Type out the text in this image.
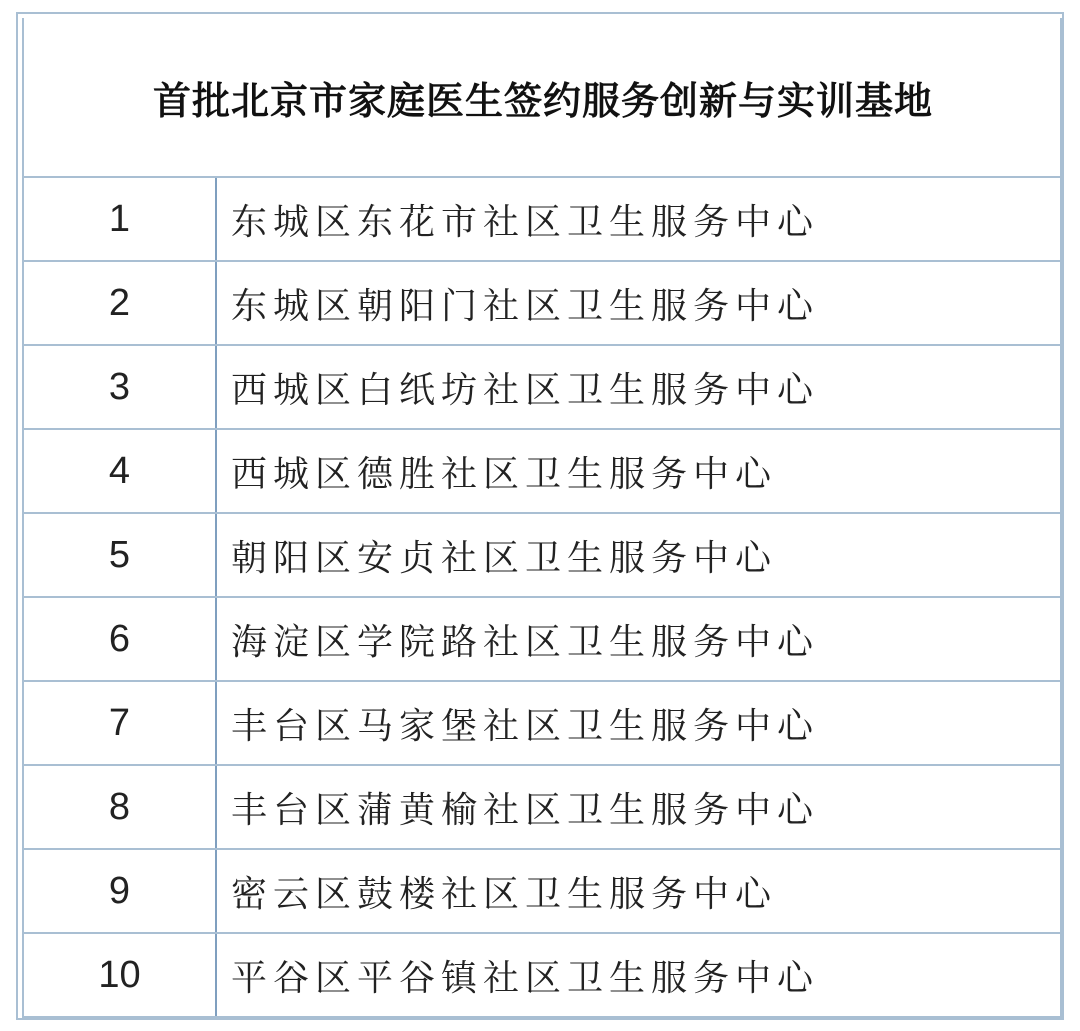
首批北京市家庭医生签约服务创新与实训基地
1	东城区东花市社区卫生服务中心
2	东城区朝阳门社区卫生服务中心
3	西城区白纸坊社区卫生服务中心
4	西城区德胜社区卫生服务中心
5	朝阳区安贞社区卫生服务中心
6	海淀区学院路社区卫生服务中心
7	丰台区马家堡社区卫生服务中心
8	丰台区蒲黄榆社区卫生服务中心
9	密云区鼓楼社区卫生服务中心
10	平谷区平谷镇社区卫生服务中心
